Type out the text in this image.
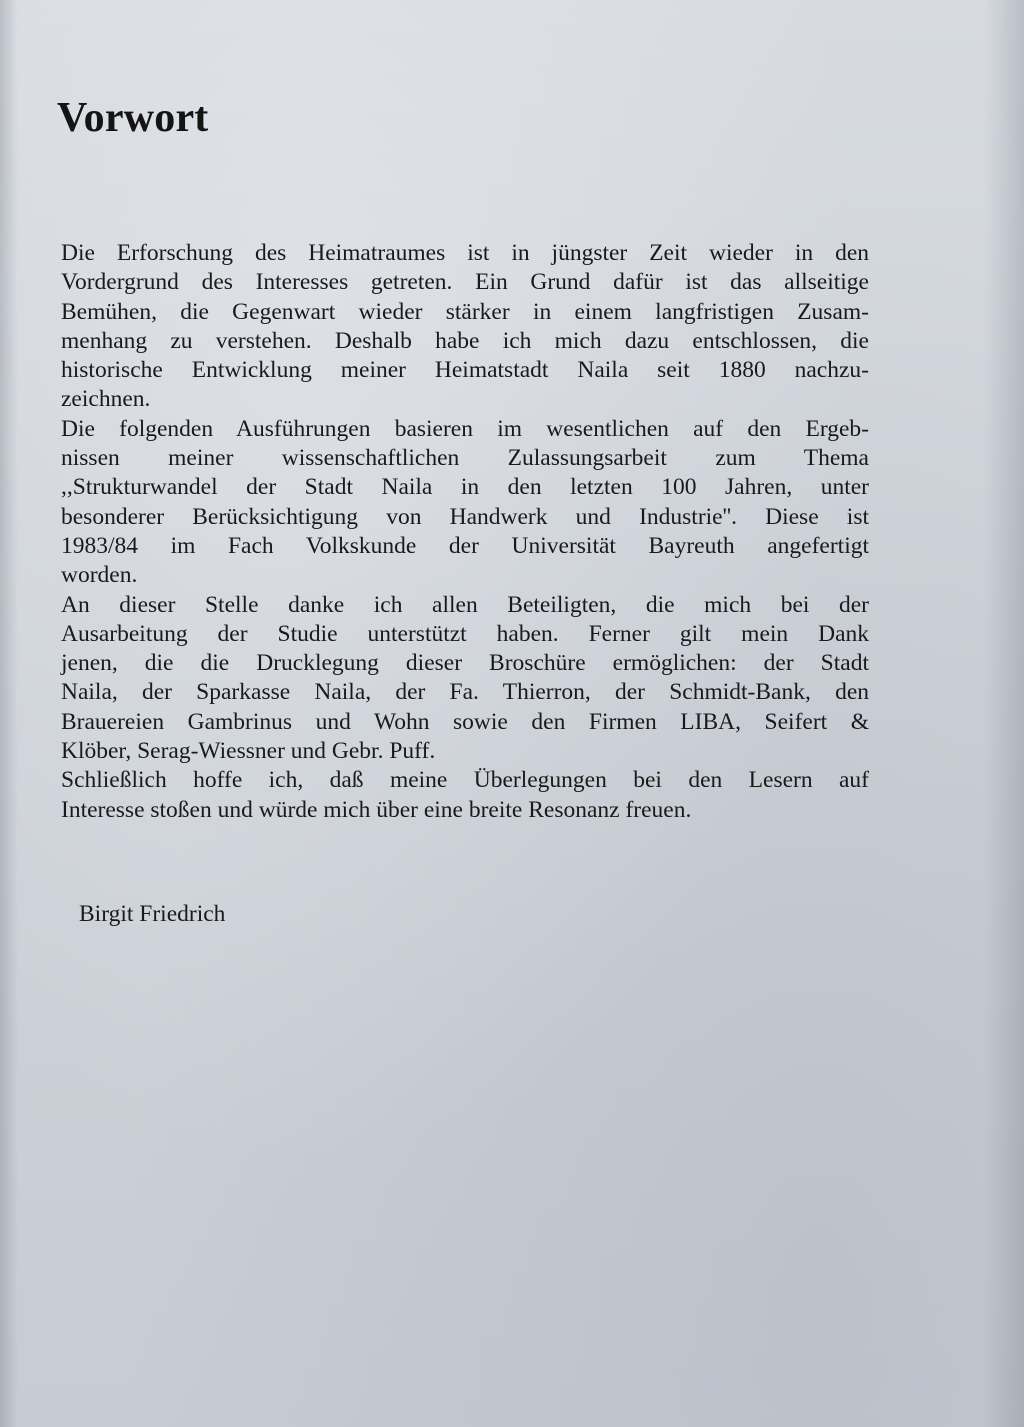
Vorwort
Die Erforschung des Heimatraumes ist in jüngster Zeit wieder in den
Vordergrund des Interesses getreten. Ein Grund dafür ist das allseitige
Bemühen, die Gegenwart wieder stärker in einem langfristigen Zusam-
menhang zu verstehen. Deshalb habe ich mich dazu entschlossen, die
historische Entwicklung meiner Heimatstadt Naila seit 1880 nachzu-
zeichnen.
Die folgenden Ausführungen basieren im wesentlichen auf den Ergeb-
nissen meiner wissenschaftlichen Zulassungsarbeit zum Thema
,,Strukturwandel der Stadt Naila in den letzten 100 Jahren, unter
besonderer Berücksichtigung von Handwerk und Industrie''. Diese ist
1983/84 im Fach Volkskunde der Universität Bayreuth angefertigt
worden.
An dieser Stelle danke ich allen Beteiligten, die mich bei der
Ausarbeitung der Studie unterstützt haben. Ferner gilt mein Dank
jenen, die die Drucklegung dieser Broschüre ermöglichen: der Stadt
Naila, der Sparkasse Naila, der Fa. Thierron, der Schmidt-Bank, den
Brauereien Gambrinus und Wohn sowie den Firmen LIBA, Seifert &
Klöber, Serag-Wiessner und Gebr. Puff.
Schließlich hoffe ich, daß meine Überlegungen bei den Lesern auf
Interesse stoßen und würde mich über eine breite Resonanz freuen.

Birgit Friedrich
